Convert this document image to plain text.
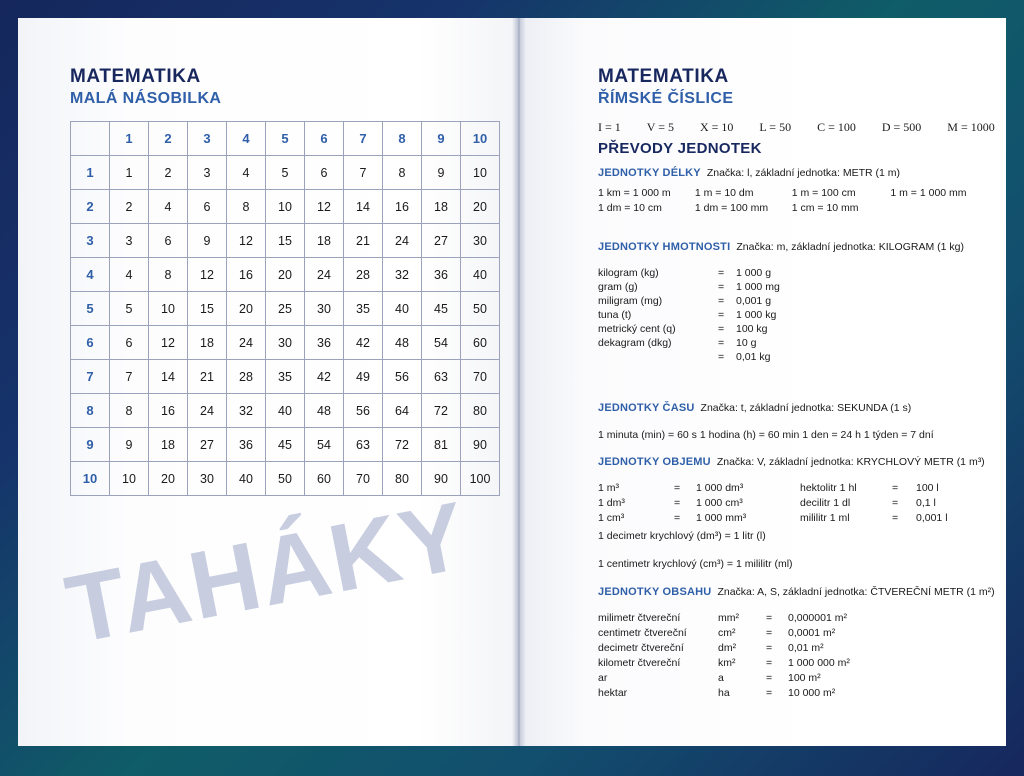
MATEMATIKA
MALÁ NÁSOBILKA
	1	2	3	4	5	6	7	8	9	10
1	1	2	3	4	5	6	7	8	9	10
2	2	4	6	8	10	12	14	16	18	20
3	3	6	9	12	15	18	21	24	27	30
4	4	8	12	16	20	24	28	32	36	40
5	5	10	15	20	25	30	35	40	45	50
6	6	12	18	24	30	36	42	48	54	60
7	7	14	21	28	35	42	49	56	63	70
8	8	16	24	32	40	48	56	64	72	80
9	9	18	27	36	45	54	63	72	81	90
10	10	20	30	40	50	60	70	80	90	100
TAHÁKY
MATEMATIKA
ŘÍMSKÉ ČÍSLICE
I = 1 V = 5 X = 10 L = 50 C = 100 D = 500 M = 1000
PŘEVODY JEDNOTEK
JEDNOTKY DÉLKY Značka: l, základní jednotka: METR (1 m)
1 km = 1 000 m	1 m = 10 dm	1 m = 100 cm	1 m = 1 000 mm
1 dm = 10 cm	1 dm = 100 mm	1 cm = 10 mm
JEDNOTKY HMOTNOSTI Značka: m, základní jednotka: KILOGRAM (1 kg)
kilogram (kg)	=	1 000 g
gram (g)	=	1 000 mg
miligram (mg)	=	0,001 g
tuna (t)	=	1 000 kg
metrický cent (q)	=	100 kg
dekagram (dkg)	=	10 g
=	0,01 kg
JEDNOTKY ČASU Značka: t, základní jednotka: SEKUNDA (1 s)
1 minuta (min) = 60 s 1 hodina (h) = 60 min 1 den = 24 h 1 týden = 7 dní
JEDNOTKY OBJEMU Značka: V, základní jednotka: KRYCHLOVÝ METR (1 m³)
1 m³	=	1 000 dm³	hektolitr 1 hl	=	100 l
1 dm³	=	1 000 cm³	decilitr 1 dl	=	0,1 l
1 cm³	=	1 000 mm³	mililitr 1 ml	=	0,001 l
1 decimetr krychlový (dm³) = 1 litr (l)
1 centimetr krychlový (cm³) = 1 mililitr (ml)
JEDNOTKY OBSAHU Značka: A, S, základní jednotka: ČTVEREČNÍ METR (1 m²)
milimetr čtvereční	mm²	=	0,000001 m²
centimetr čtvereční	cm²	=	0,0001 m²
decimetr čtvereční	dm²	=	0,01 m²
kilometr čtvereční	km²	=	1 000 000 m²
ar	a	=	100 m²
hektar	ha	=	10 000 m²
